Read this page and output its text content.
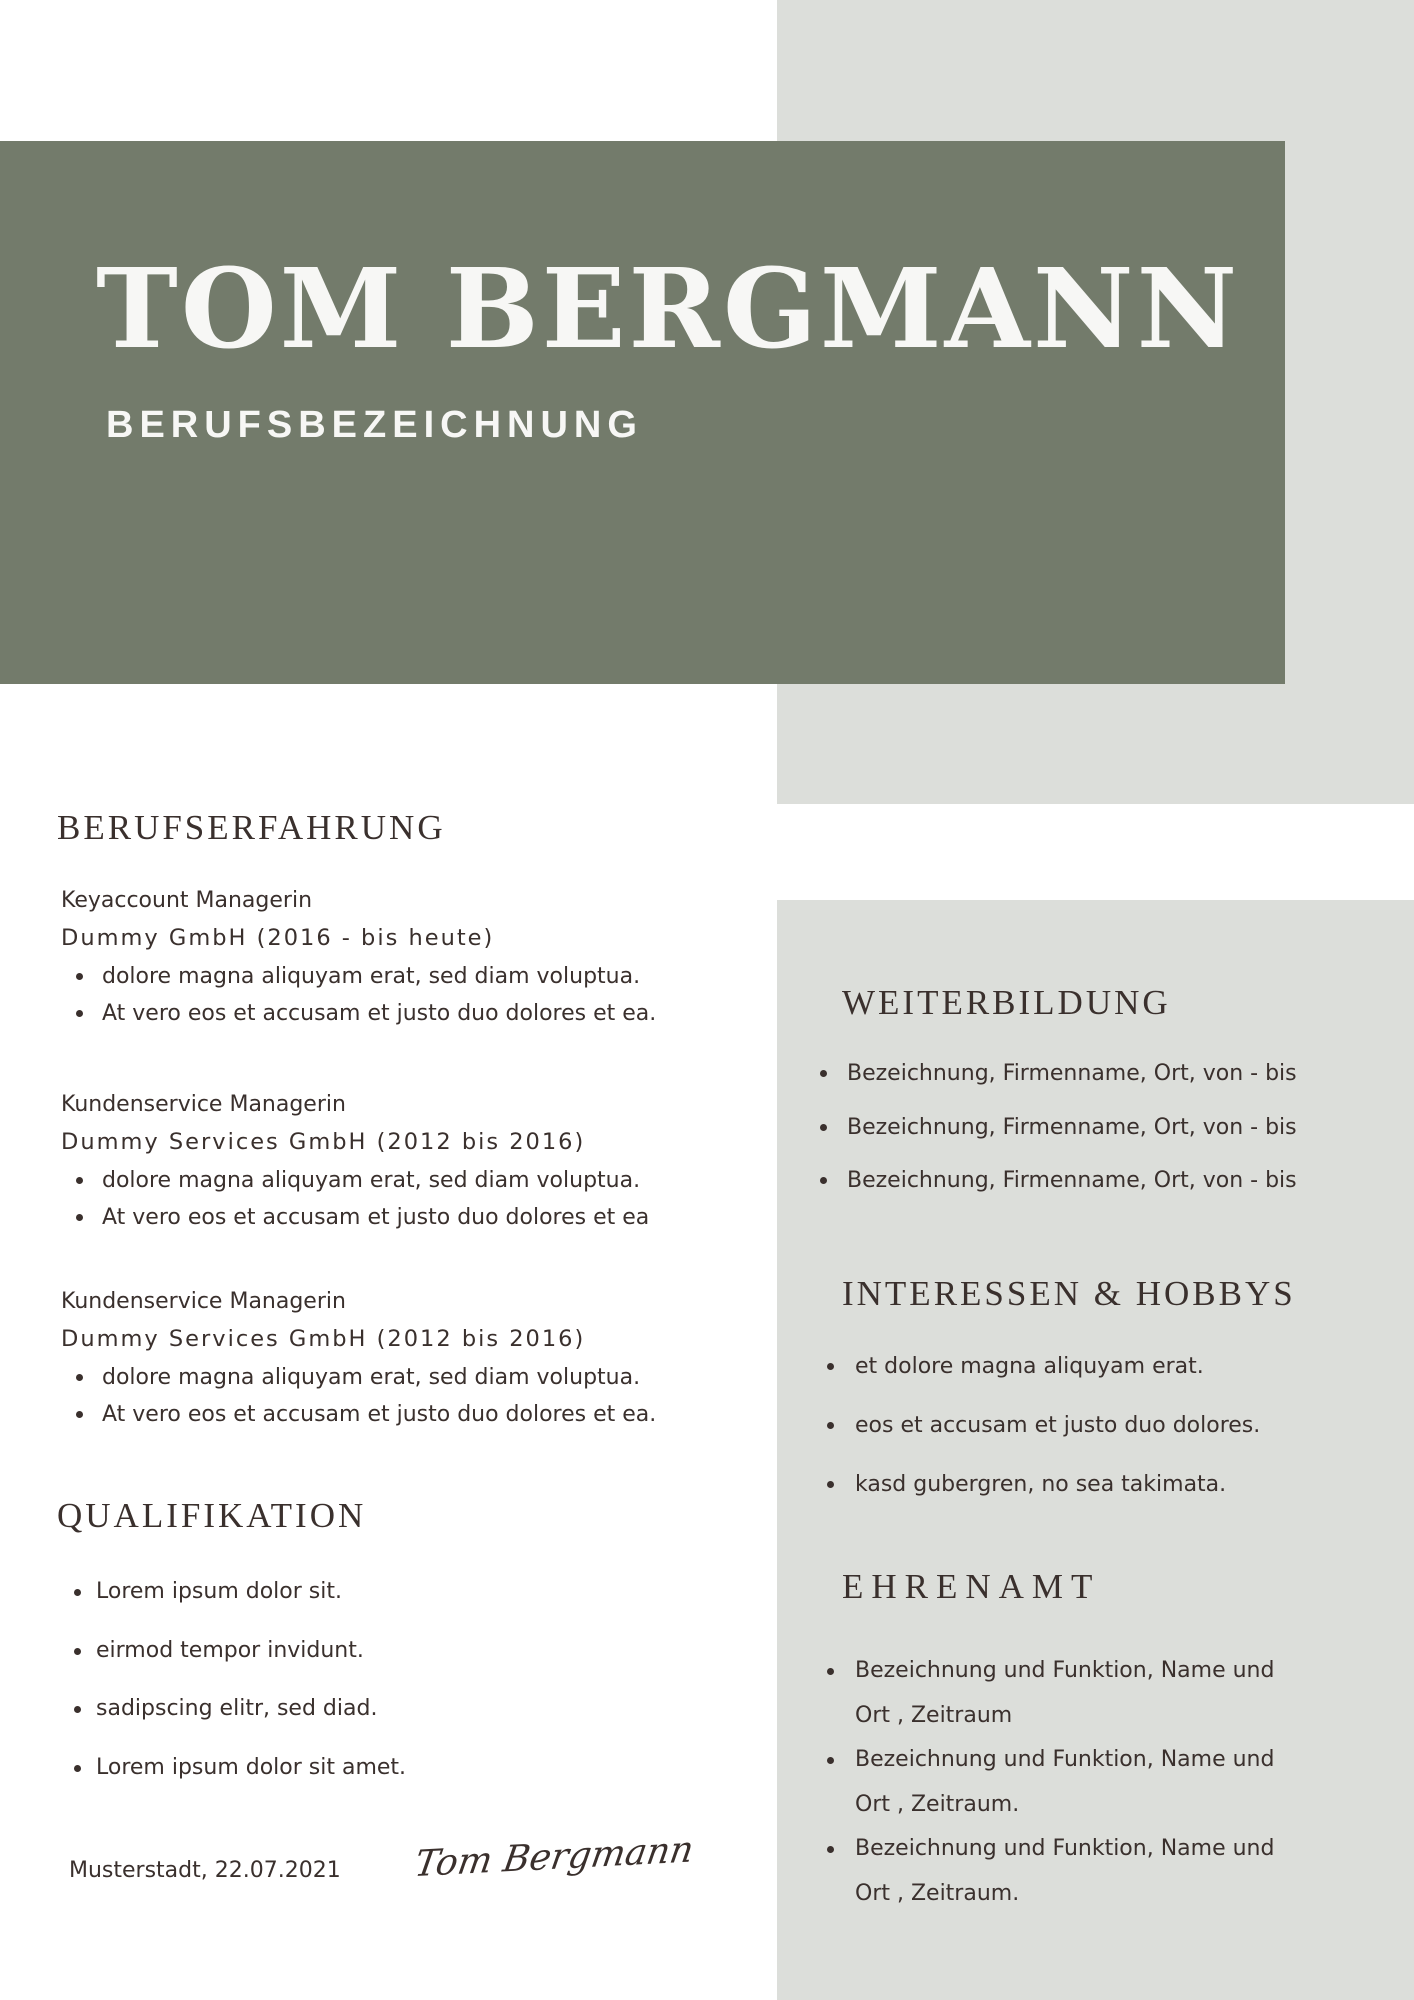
TOM BERGMANN
BERUFSBEZEICHNUNG
BERUFSERFAHRUNG
Keyaccount Managerin
Dummy GmbH (2016 - bis heute)
dolore magna aliquyam erat, sed diam voluptua.
At vero eos et accusam et justo duo dolores et ea.
Kundenservice Managerin
Dummy Services GmbH (2012 bis 2016)
dolore magna aliquyam erat, sed diam voluptua.
At vero eos et accusam et justo duo dolores et ea
Kundenservice Managerin
Dummy Services GmbH (2012 bis 2016)
dolore magna aliquyam erat, sed diam voluptua.
At vero eos et accusam et justo duo dolores et ea.
QUALIFIKATION
Lorem ipsum dolor sit.
eirmod tempor invidunt.
sadipscing elitr, sed diad.
Lorem ipsum dolor sit amet.
Musterstadt, 22.07.2021 Tom Bergmann
WEITERBILDUNG
Bezeichnung, Firmenname, Ort, von - bis
Bezeichnung, Firmenname, Ort, von - bis
Bezeichnung, Firmenname, Ort, von - bis
INTERESSEN & HOBBYS
et dolore magna aliquyam erat.
eos et accusam et justo duo dolores.
kasd gubergren, no sea takimata.
EHRENAMT
Bezeichnung und Funktion, Name und Ort , Zeitraum
Bezeichnung und Funktion, Name und Ort , Zeitraum.
Bezeichnung und Funktion, Name und Ort , Zeitraum.
